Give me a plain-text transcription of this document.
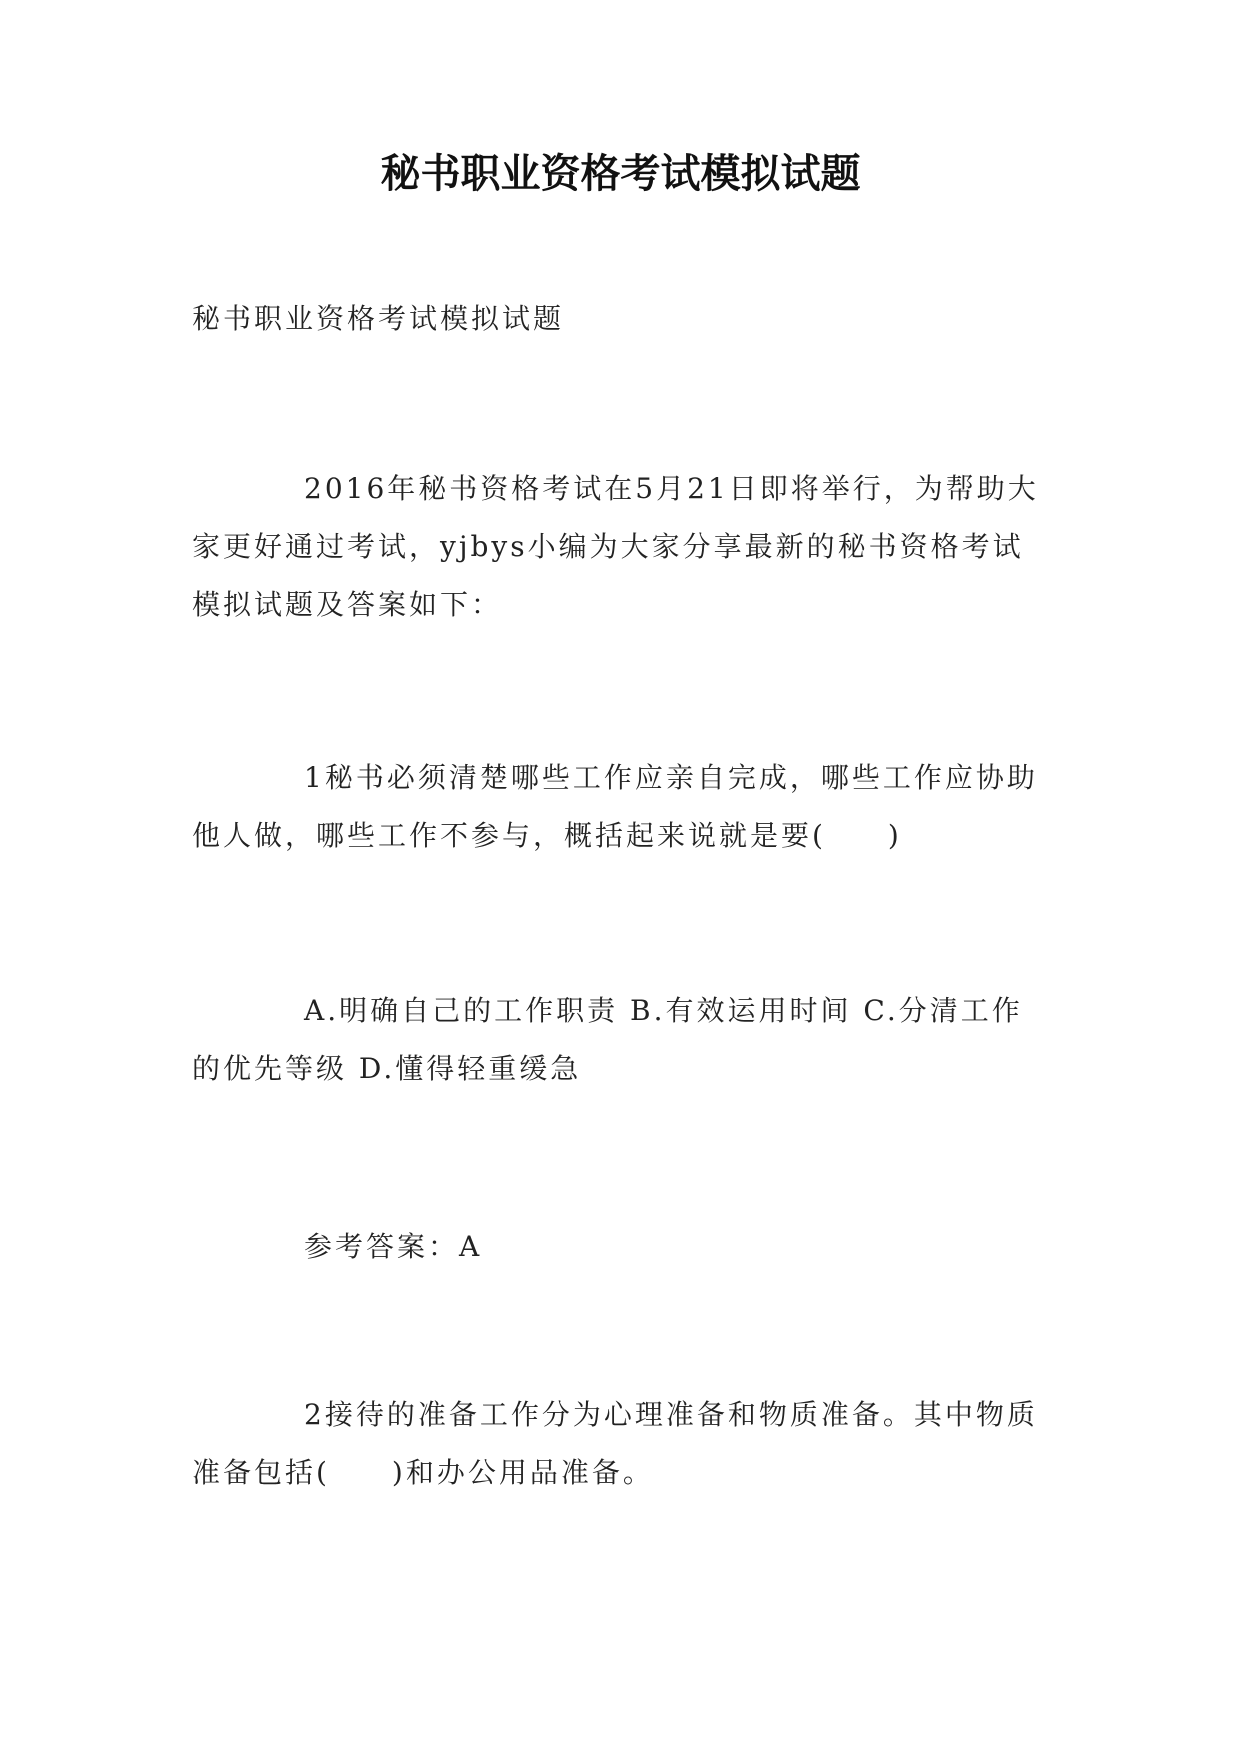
秘书职业资格考试模拟试题

秘书职业资格考试模拟试题

2016年秘书资格考试在5月21日即将举行，为帮助大家更好通过考试，yjbys小编为大家分享最新的秘书资格考试模拟试题及答案如下：

1秘书必须清楚哪些工作应亲自完成，哪些工作应协助他人做，哪些工作不参与，概括起来说就是要(　　)

A.明确自己的工作职责 B.有效运用时间 C.分清工作的优先等级 D.懂得轻重缓急

参考答案：A

2接待的准备工作分为心理准备和物质准备。其中物质准备包括(　　)和办公用品准备。
